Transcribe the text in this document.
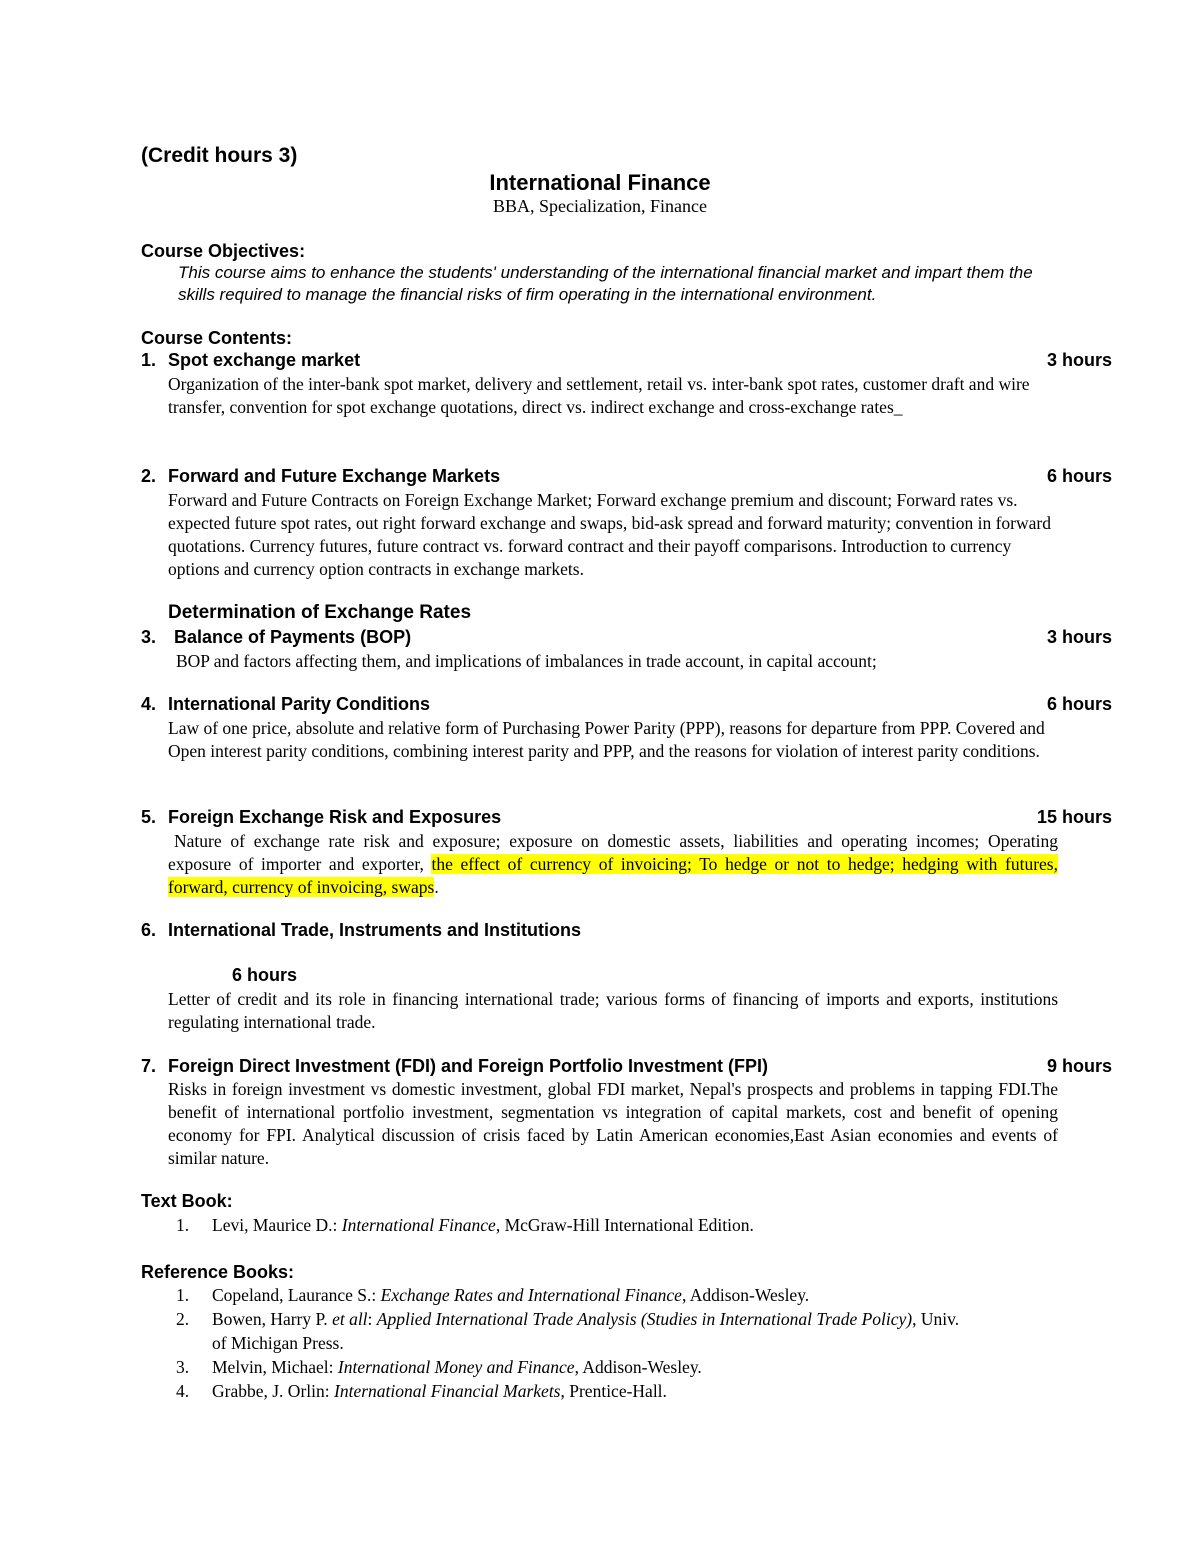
(Credit hours 3)
International Finance
BBA, Specialization, Finance
Course Objectives:
This course aims to enhance the students' understanding of the international financial market and impart them the skills required to manage the financial risks of firm operating in the international environment.
Course Contents:
1. Spot exchange market	3 hours
Organization of the inter-bank spot market, delivery and settlement, retail vs. inter-bank spot rates, customer draft and wire transfer, convention for spot exchange quotations, direct vs. indirect exchange and cross-exchange rates_
2. Forward and Future Exchange Markets	6 hours
Forward and Future Contracts on Foreign Exchange Market; Forward exchange premium and discount; Forward rates vs. expected future spot rates, out right forward exchange and swaps, bid-ask spread and forward maturity; convention in forward quotations. Currency futures, future contract vs. forward contract and their payoff comparisons. Introduction to currency options and currency option contracts in exchange markets.
Determination of Exchange Rates
3. Balance of Payments (BOP)	3 hours
BOP and factors affecting them, and implications of imbalances in trade account, in capital account;
4. International Parity Conditions	6 hours
Law of one price, absolute and relative form of Purchasing Power Parity (PPP), reasons for departure from PPP. Covered and Open interest parity conditions, combining interest parity and PPP, and the reasons for violation of interest parity conditions.
5. Foreign Exchange Risk and Exposures	15 hours
Nature of exchange rate risk and exposure; exposure on domestic assets, liabilities and operating incomes; Operating exposure of importer and exporter, the effect of currency of invoicing; To hedge or not to hedge; hedging with futures, forward, currency of invoicing, swaps.
6. International Trade, Instruments and Institutions
6 hours
Letter of credit and its role in financing international trade; various forms of financing of imports and exports, institutions regulating international trade.
7. Foreign Direct Investment (FDI) and Foreign Portfolio Investment (FPI)	9 hours
Risks in foreign investment vs domestic investment, global FDI market, Nepal's prospects and problems in tapping FDI.The benefit of international portfolio investment, segmentation vs integration of capital markets, cost and benefit of opening economy for FPI. Analytical discussion of crisis faced by Latin American economies,East Asian economies and events of similar nature.
Text Book:
1. Levi, Maurice D.: International Finance, McGraw-Hill International Edition.
Reference Books:
1. Copeland, Laurance S.: Exchange Rates and International Finance, Addison-Wesley.
2. Bowen, Harry P. et all: Applied International Trade Analysis (Studies in International Trade Policy), Univ.
of Michigan Press.
3. Melvin, Michael: International Money and Finance, Addison-Wesley.
4. Grabbe, J. Orlin: International Financial Markets, Prentice-Hall.
